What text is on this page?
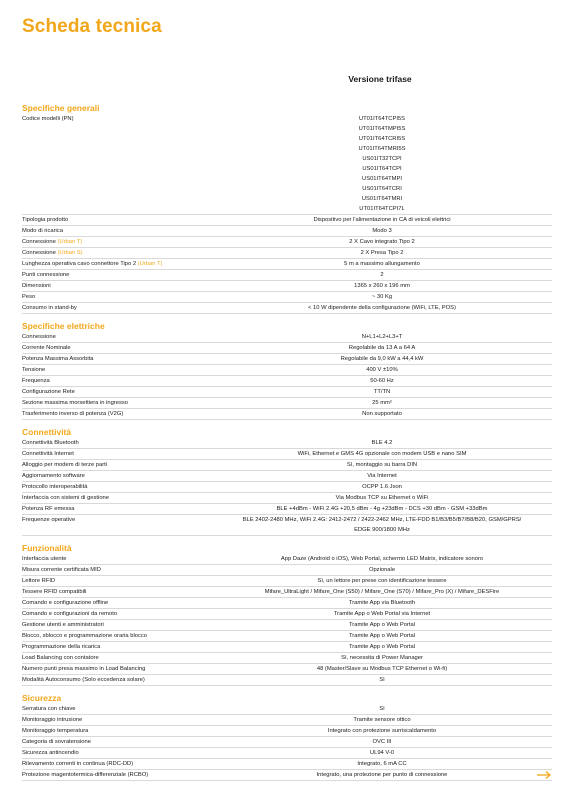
Scheda tecnica
Versione trifase
Specifiche generali
Codice modelli (PN)	UT01IT64TCPI5S
UT01IT64TMPI5S
UT01IT64TCRI5S
UT01IT64TMRI5S
US01IT32TCPI
US01IT64TCPI
US01IT64TMPI
US01IT64TCRI
US01IT64TMRI
UT01IT64TCPI7L
Tipologia prodotto	Dispositivo per l'alimentazione in CA di veicoli elettrici
Modo di ricarica	Modo 3
Connessione (Urban T)	2 X Cavo integrato Tipo 2
Connessione (Urban S)	2 X Presa Tipo 2
Lunghezza operativa cavo connettore Tipo 2 (Urban T)	5 m a massimo allungamento
Punti connessione	2
Dimensioni	1365 x 260 x 196 mm
Peso	~ 30 Kg
Consumo in stand-by	< 10 W dipendente della configurazione (WiFi, LTE, POS)
Specifiche elettriche
Connessione	N+L1+L2+L3+T
Corrente Nominale	Regolabile da 13 A a 64 A
Potenza Massima Assorbita	Regolabile da 9,0 kW a 44,4 kW
Tensione	400 V ±10%
Frequenza	50-60 Hz
Configurazione Rete	TT/TN
Sezione massima morsettiera in ingresso	25 mm²
Trasferimento inverso di potenza (V2G)	Non supportato
Connettività
Connettività Bluetooth	BLE 4.2
Connettività Internet	WiFi, Ethernet e GMS 4G opzionale con modem USB e nano SIM
Alloggio per modem di terze parti	Sì, montaggio su barra DIN
Aggiornamento software	Via Internet
Protocollo interoperabilità	OCPP 1.6 Json
Interfaccia con sistemi di gestione	Via Modbus TCP su Ethernet o WiFi
Potenza RF emessa	BLE +4dBm - WiFi 2.4G +20,5 dBm - 4g +23dBm - DCS +30 dBm - GSM +33dBm
Frequenze operative	BLE 2402-2480 MHz, WiFi 2.4G: 2412-2472 / 2422-2462 MHz, LTE-FDD B1/B3/B5/B7/B8/B20, GSM/GPRS/
EDGE 900/1800 MHz
Funzionalità
Interfaccia utente	App Daze (Android o iOS), Web Portal, schermo LED Matrix, indicatore sonoro
Misura corrente certificata MID	Opzionale
Lettore RFID	Sì, un lettore per prese con identificazione tessere
Tessere RFID compatibili	Mifare_UltraLight / Mifare_One (S50) / Mifare_One (S70) / Mifare_Pro (X) / Mifare_DESFire
Comando e configurazione offline	Tramite App via Bluetooth
Comando e configurazioni da remoto	Tramite App o Web Portal via Internet
Gestione utenti e amministratori	Tramite App o Web Portal
Blocco, sblocco e programmazione oraria blocco	Tramite App o Web Portal
Programmazione della ricarica	Tramite App o Web Portal
Load Balancing con contatore	Sì, necessita di Power Manager
Numero punti presa massimo in Load Balancing	48 (Master/Slave su Modbus TCP Ethernet o Wi-fi)
Modalità Autoconsumo (Solo eccedenza solare)	Sì
Sicurezza
Serratura con chiave	Sì
Monitoraggio intrusione	Tramite sensore ottico
Monitoraggio temperatura	Integrato con protezione surriscaldamento
Categoria di sovratensione	OVC III
Sicurezza antincendio	UL94 V-0
Rilevamento correnti in continua (RDC-DD)	Integrato, 6 mA CC
Protezione magentotermica-differenziale (RCBO)	Integrato, una protezione per punto di connessione
